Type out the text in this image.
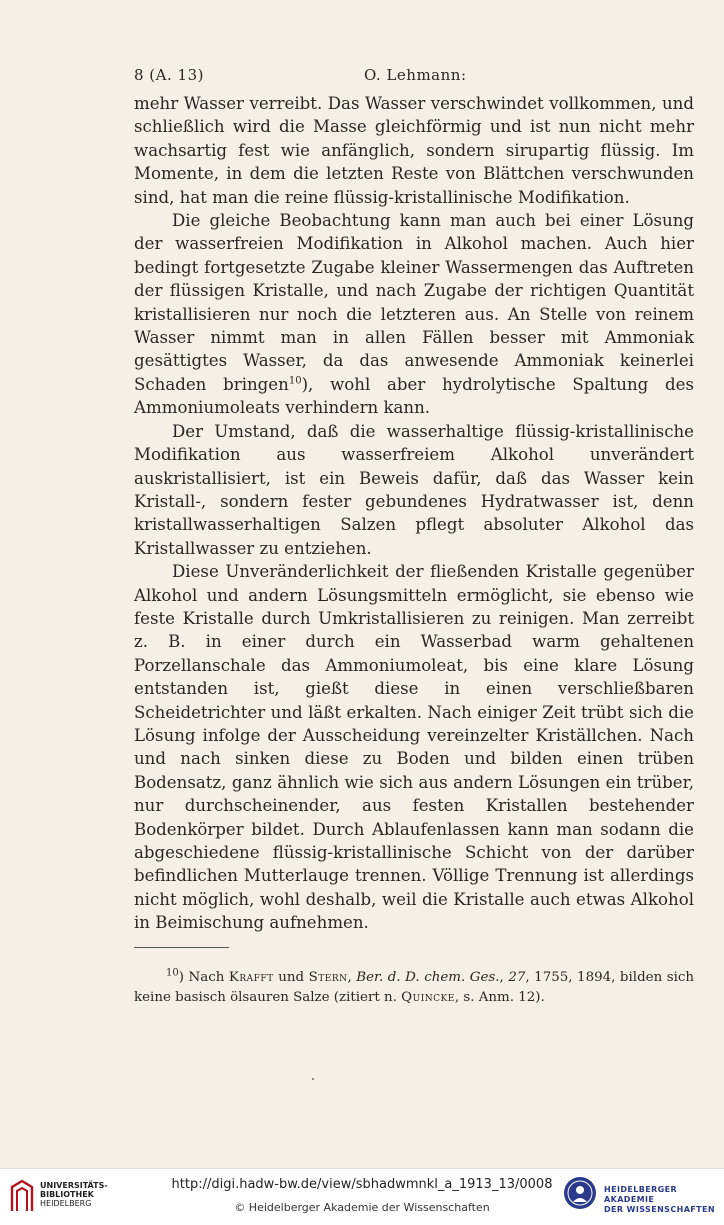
8 (A. 13)	O. Lehmann:

mehr Wasser verreibt. Das Wasser verschwindet vollkommen, und schließlich wird die Masse gleichförmig und ist nun nicht mehr wachsartig fest wie anfänglich, sondern sirupartig flüssig. Im Momente, in dem die letzten Reste von Blättchen verschwunden sind, hat man die reine flüssig-kristallinische Modifikation.

Die gleiche Beobachtung kann man auch bei einer Lösung der wasserfreien Modifikation in Alkohol machen. Auch hier bedingt fortgesetzte Zugabe kleiner Wassermengen das Auftreten der flüssigen Kristalle, und nach Zugabe der richtigen Quantität kristallisieren nur noch die letzteren aus. An Stelle von reinem Wasser nimmt man in allen Fällen besser mit Ammoniak gesättigtes Wasser, da das anwesende Ammoniak keinerlei Schaden bringen$^{10}$), wohl aber hydrolytische Spaltung des Ammoniumoleats verhindern kann.

Der Umstand, daß die wasserhaltige flüssig-kristallinische Modifikation aus wasserfreiem Alkohol unverändert auskristallisiert, ist ein Beweis dafür, daß das Wasser kein Kristall-, sondern fester gebundenes Hydratwasser ist, denn kristallwasserhaltigen Salzen pflegt absoluter Alkohol das Kristallwasser zu entziehen.

Diese Unveränderlichkeit der fließenden Kristalle gegenüber Alkohol und andern Lösungsmitteln ermöglicht, sie ebenso wie feste Kristalle durch Umkristallisieren zu reinigen. Man zerreibt z. B. in einer durch ein Wasserbad warm gehaltenen Porzellanschale das Ammoniumoleat, bis eine klare Lösung entstanden ist, gießt diese in einen verschließbaren Scheidetrichter und läßt erkalten. Nach einiger Zeit trübt sich die Lösung infolge der Ausscheidung vereinzelter Kriställchen. Nach und nach sinken diese zu Boden und bilden einen trüben Bodensatz, ganz ähnlich wie sich aus andern Lösungen ein trüber, nur durchscheinender, aus festen Kristallen bestehender Bodenkörper bildet. Durch Ablaufenlassen kann man sodann die abgeschiedene flüssig-kristallinische Schicht von der darüber befindlichen Mutterlauge trennen. Völlige Trennung ist allerdings nicht möglich, wohl deshalb, weil die Kristalle auch etwas Alkohol in Beimischung aufnehmen.

$^{10}$) Nach Krafft und Stern, Ber. d. D. chem. Ges., 27, 1755, 1894, bilden sich keine basisch ölsauren Salze (zitiert n. Quincke, s. Anm. 12).

UNIVERSITÄTS-
BIBLIOTHEK
HEIDELBERG
http://digi.hadw-bw.de/view/sbhadwmnkl_a_1913_13/0008
© Heidelberger Akademie der Wissenschaften
HEIDELBERGER AKADEMIE
DER WISSENSCHAFTEN
